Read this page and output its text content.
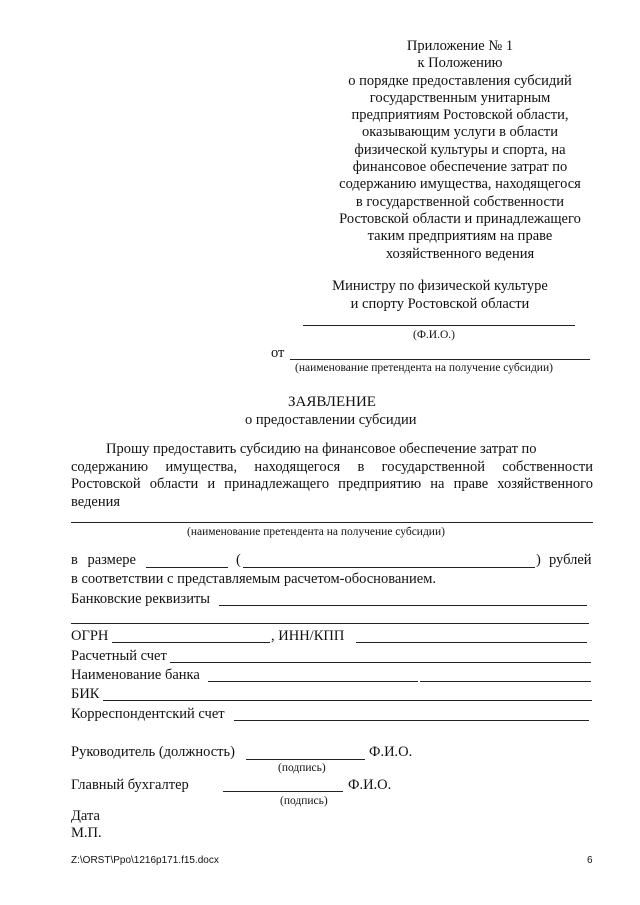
Приложение № 1
к Положению
о порядке предоставления субсидий
государственным унитарным
предприятиям Ростовской области,
оказывающим услуги в области
физической культуры и спорта, на
финансовое обеспечение затрат по
содержанию имущества, находящегося
в государственной собственности
Ростовской области и принадлежащего
таким предприятиям на праве
хозяйственного ведения
Министру по физической культуре
и спорту Ростовской области
(Ф.И.О.)
от
(наименование претендента на получение субсидии)
ЗАЯВЛЕНИЕ
о предоставлении субсидии
Прошу предоставить субсидию на финансовое обеспечение затрат по
содержанию имущества, находящегося в государственной собственности Ростовской области и принадлежащего предприятию на праве хозяйственного ведения
(наименование претендента на получение субсидии)
в размере	(	) рублей
в соответствии с представляемым расчетом-обоснованием.
Банковские реквизиты
ОГРН	, ИНН/КПП
Расчетный счет
Наименование банка
БИК
Корреспондентский счет
Руководитель (должность)	Ф.И.О.
(подпись)
Главный бухгалтер	Ф.И.О.
(подпись)
Дата
М.П.
Z:\ORST\Ppo\1216p171.f15.docx	6
